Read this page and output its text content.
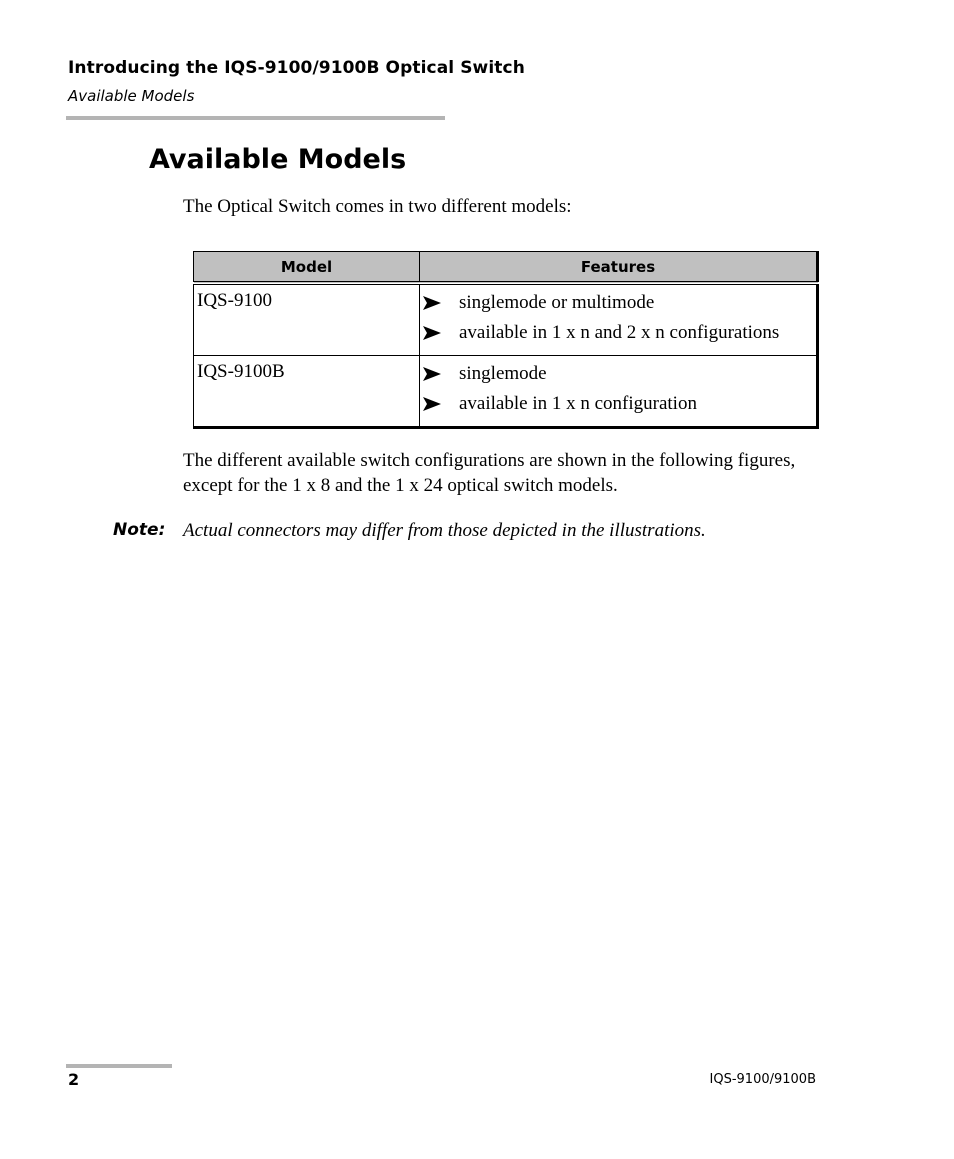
Introducing the IQS-9100/9100B Optical Switch
Available Models
Available Models
The Optical Switch comes in two different models:
Model	Features
IQS-9100	singlemode or multimode
available in 1 x n and 2 x n configurations

IQS-9100B	singlemode
available in 1 x n configuration
The different available switch configurations are shown in the following figures, except for the 1 x 8 and the 1 x 24 optical switch models.
Note: Actual connectors may differ from those depicted in the illustrations.
2	IQS-9100/9100B
